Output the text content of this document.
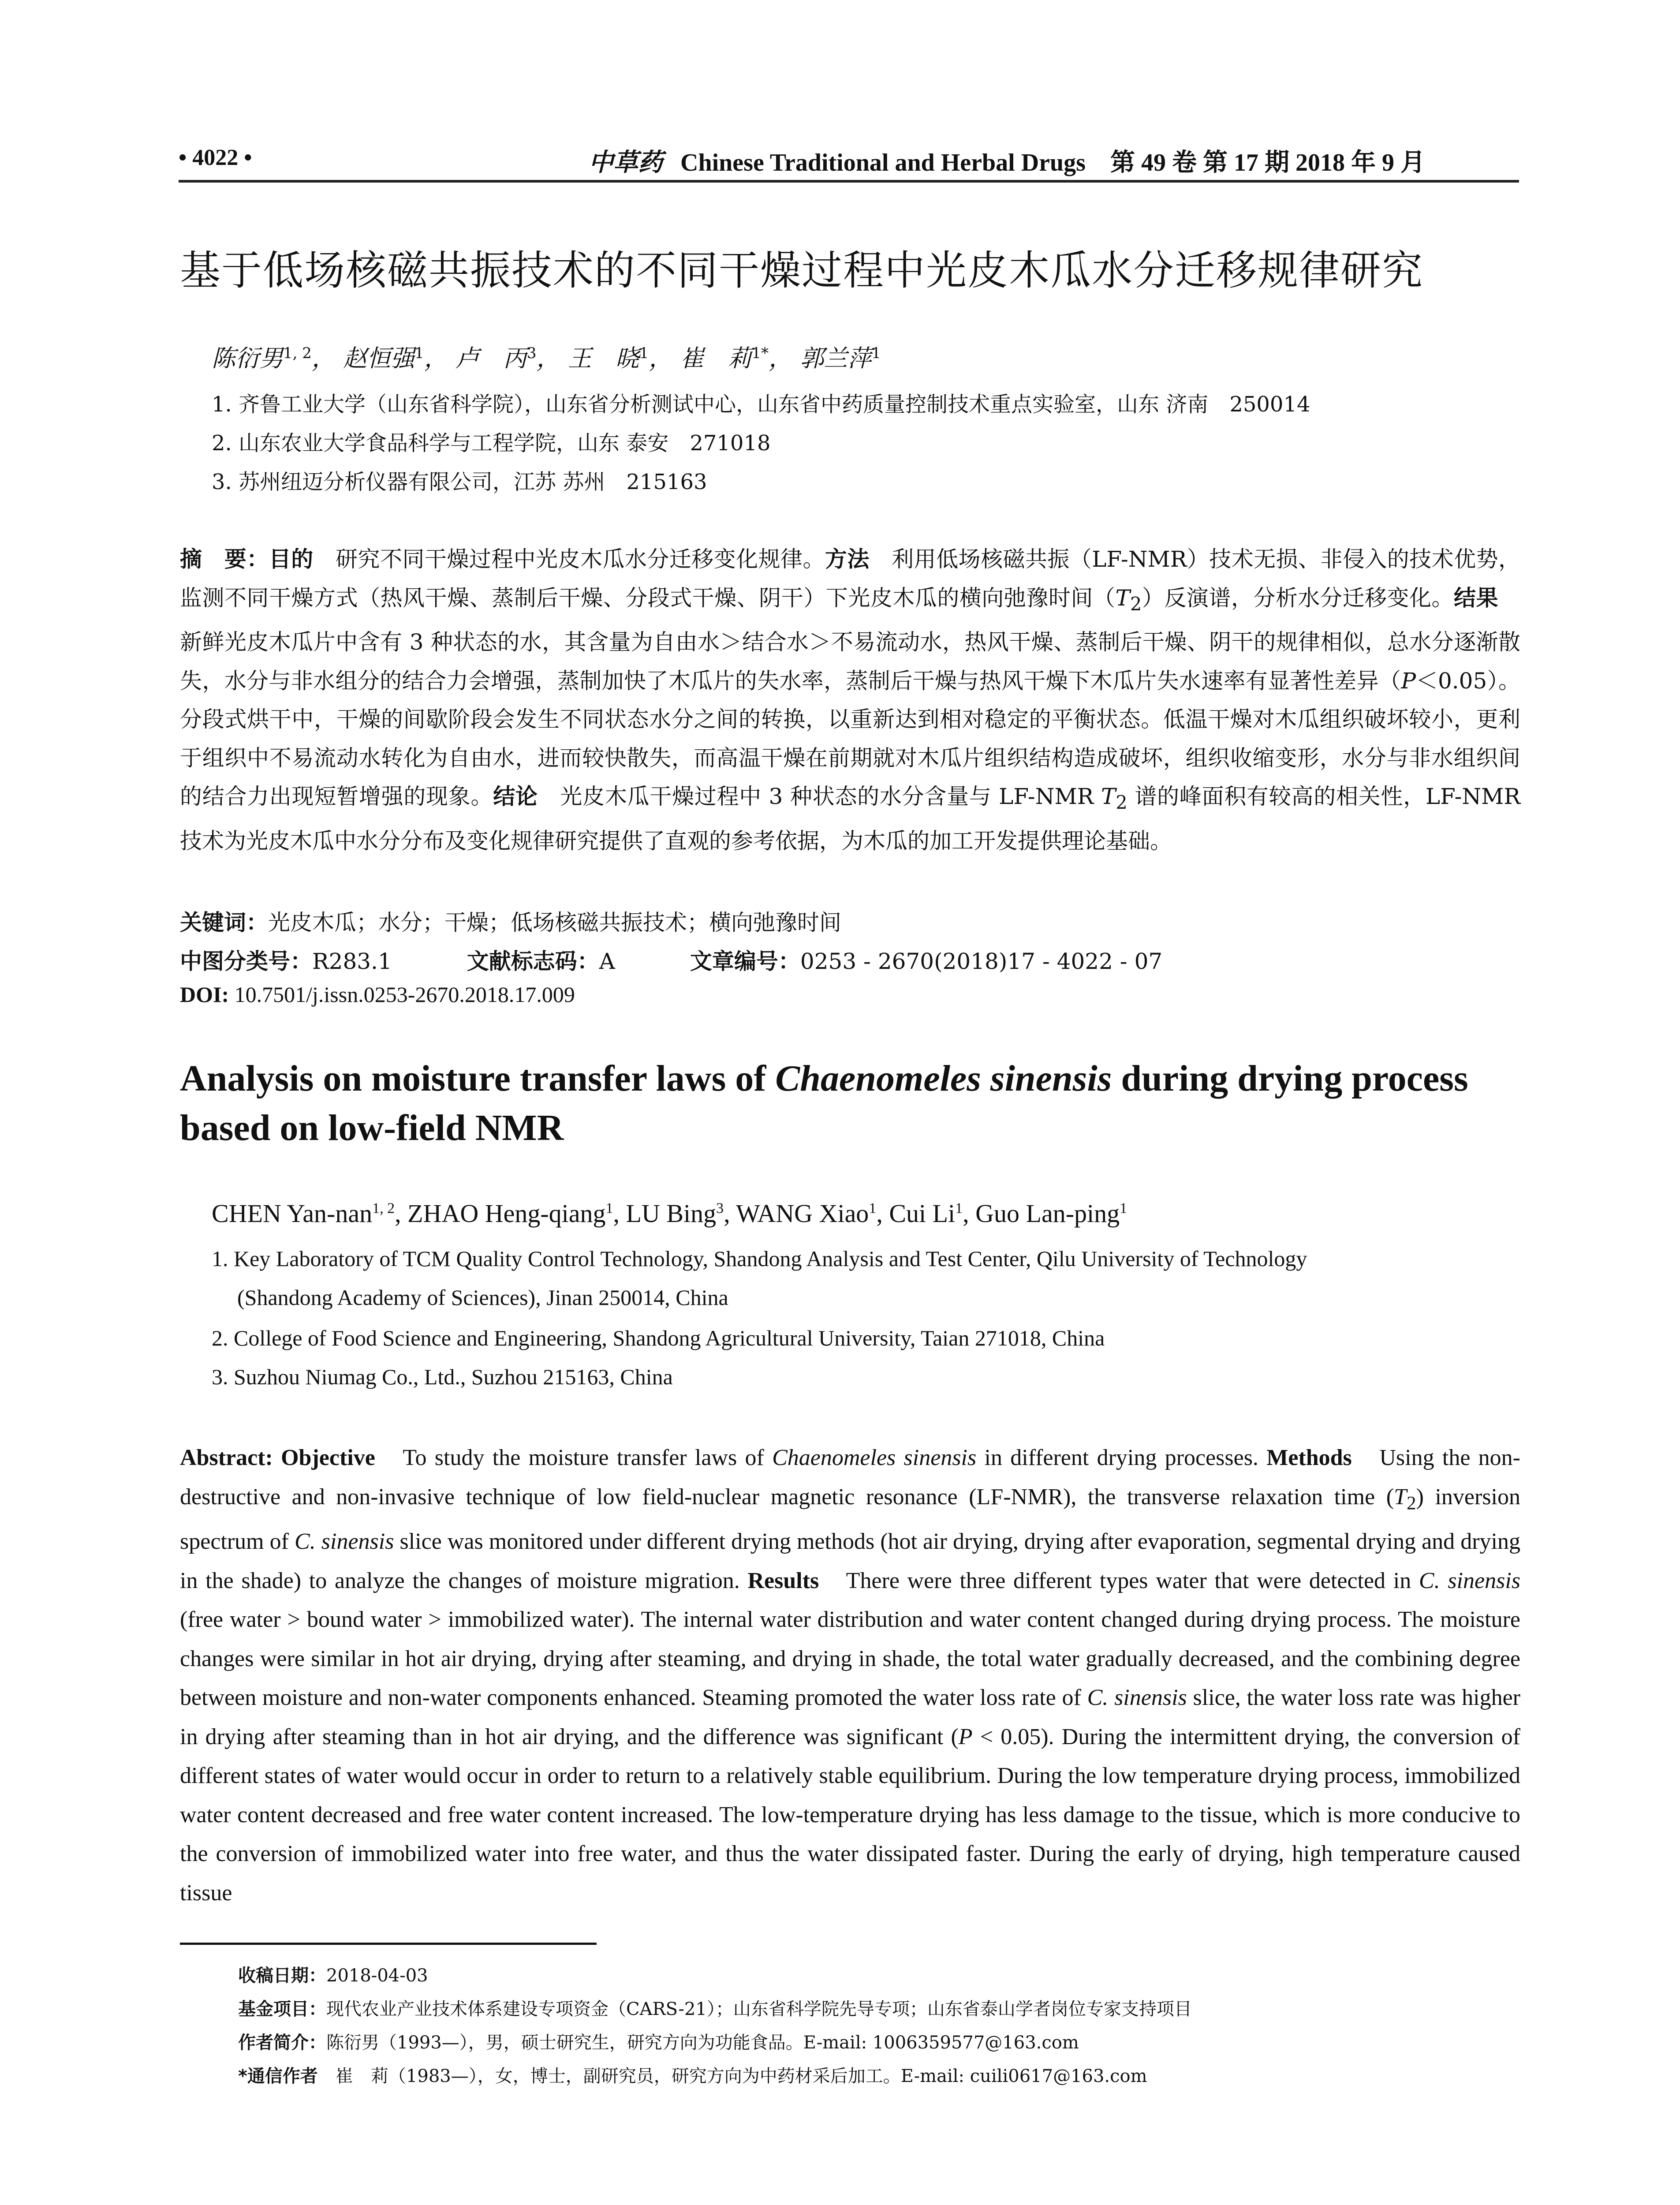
• 4022 •	中草药 Chinese Traditional and Herbal Drugs　第 49 卷 第 17 期 2018 年 9 月
基于低场核磁共振技术的不同干燥过程中光皮木瓜水分迁移规律研究
陈衍男$^{1, 2}$， 赵恒强$^1$， 卢　丙$^3$， 王　晓$^1$， 崔　莉$^{1*}$， 郭兰萍$^1$
1. 齐鲁工业大学（山东省科学院），山东省分析测试中心，山东省中药质量控制技术重点实验室，山东 济南　250014
2. 山东农业大学食品科学与工程学院，山东 泰安　271018
3. 苏州纽迈分析仪器有限公司，江苏 苏州　215163
摘　要：目的　研究不同干燥过程中光皮木瓜水分迁移变化规律。方法　利用低场核磁共振（LF-NMR）技术无损、非侵入的技术优势，监测不同干燥方式（热风干燥、蒸制后干燥、分段式干燥、阴干）下光皮木瓜的横向弛豫时间$(T_2)$反演谱，分析水分迁移变化。结果　新鲜光皮木瓜片中含有 3 种状态的水，其含量为自由水＞结合水＞不易流动水，热风干燥、蒸制后干燥、阴干的规律相似，总水分逐渐散失，水分与非水组分的结合力会增强，蒸制加快了木瓜片的失水率，蒸制后干燥与热风干燥下木瓜片失水速率有显著性差异（P＜0.05）。分段式烘干中，干燥的间歇阶段会发生不同状态水分之间的转换，以重新达到相对稳定的平衡状态。低温干燥对木瓜组织破坏较小，更利于组织中不易流动水转化为自由水，进而较快散失，而高温干燥在前期就对木瓜片组织结构造成破坏，组织收缩变形，水分与非水组织间的结合力出现短暂增强的现象。结论　光皮木瓜干燥过程中 3 种状态的水分含量与 LF-NMR $T_2$ 谱的峰面积有较高的相关性，LF-NMR 技术为光皮木瓜中水分分布及变化规律研究提供了直观的参考依据，为木瓜的加工开发提供理论基础。
关键词：光皮木瓜；水分；干燥；低场核磁共振技术；横向弛豫时间
中图分类号：R283.1	文献标志码：A	文章编号：0253 - 2670(2018)17 - 4022 - 07
DOI: 10.7501/j.issn.0253-2670.2018.17.009
Analysis on moisture transfer laws of Chaenomeles sinensis during drying process based on low-field NMR
CHEN Yan-nan$^{1, 2}$, ZHAO Heng-qiang$^1$, LU Bing$^3$, WANG Xiao$^1$, Cui Li$^1$, Guo Lan-ping$^1$
1. Key Laboratory of TCM Quality Control Technology, Shandong Analysis and Test Center, Qilu University of Technology
(Shandong Academy of Sciences), Jinan 250014, China
2. College of Food Science and Engineering, Shandong Agricultural University, Taian 271018, China
3. Suzhou Niumag Co., Ltd., Suzhou 215163, China
Abstract: Objective　To study the moisture transfer laws of Chaenomeles sinensis in different drying processes. Methods　Using the non-destructive and non-invasive technique of low field-nuclear magnetic resonance (LF-NMR), the transverse relaxation time $(T_2)$ inversion spectrum of C. sinensis slice was monitored under different drying methods (hot air drying, drying after evaporation, segmental drying and drying in the shade) to analyze the changes of moisture migration. Results　There were three different types water that were detected in C. sinensis (free water > bound water > immobilized water). The internal water distribution and water content changed during drying process. The moisture changes were similar in hot air drying, drying after steaming, and drying in shade, the total water gradually decreased, and the combining degree between moisture and non-water components enhanced. Steaming promoted the water loss rate of C. sinensis slice, the water loss rate was higher in drying after steaming than in hot air drying, and the difference was significant (P < 0.05). During the intermittent drying, the conversion of different states of water would occur in order to return to a relatively stable equilibrium. During the low temperature drying process, immobilized water content decreased and free water content increased. The low-temperature drying has less damage to the tissue, which is more conducive to the conversion of immobilized water into free water, and thus the water dissipated faster. During the early of drying, high temperature caused tissue
收稿日期：2018-04-03
基金项目：现代农业产业技术体系建设专项资金（CARS-21）；山东省科学院先导专项；山东省泰山学者岗位专家支持项目
作者简介：陈衍男（1993—），男，硕士研究生，研究方向为功能食品。E-mail: 1006359577@163.com
*通信作者　崔　莉（1983—），女，博士，副研究员，研究方向为中药材采后加工。E-mail: cuili0617@163.com
